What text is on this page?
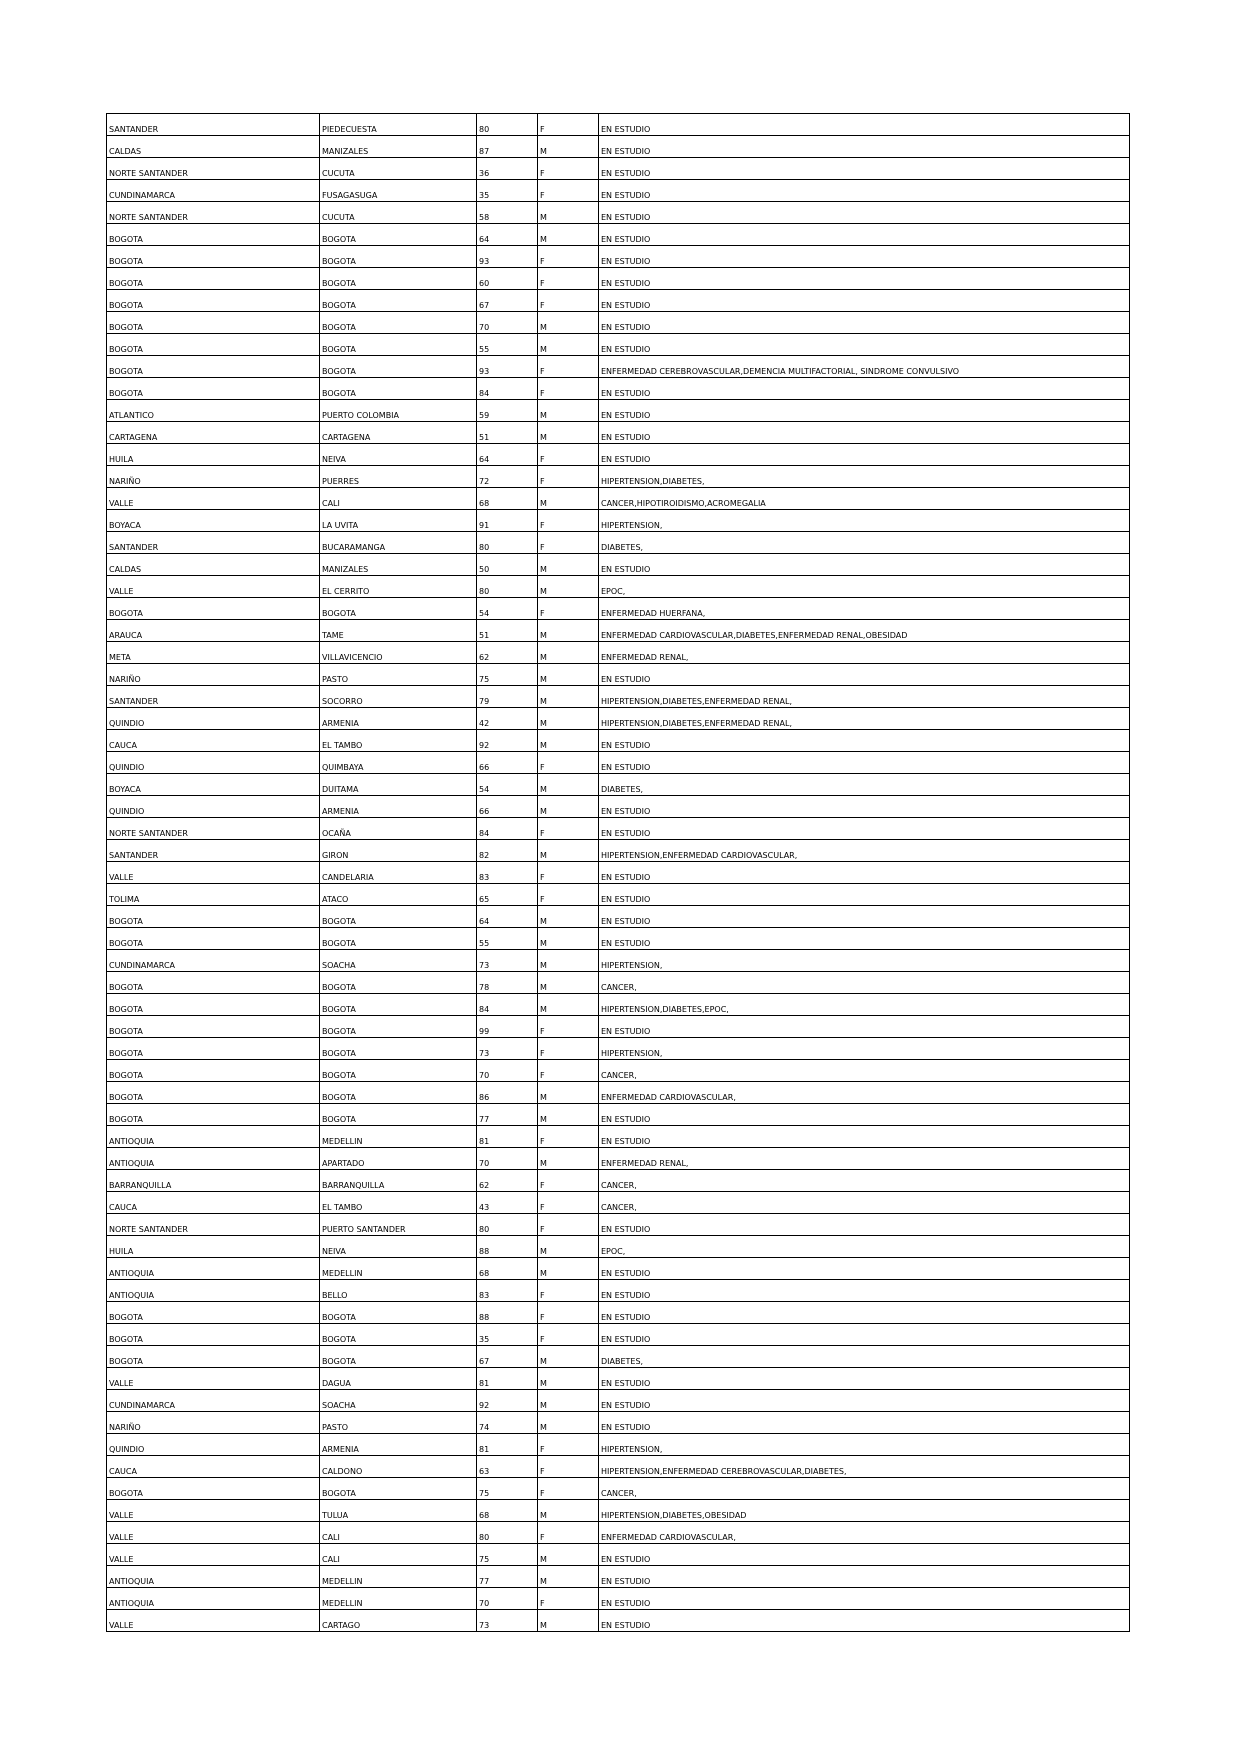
SANTANDER	PIEDECUESTA	80	F	EN ESTUDIO
CALDAS	MANIZALES	87	M	EN ESTUDIO
NORTE SANTANDER	CUCUTA	36	F	EN ESTUDIO
CUNDINAMARCA	FUSAGASUGA	35	F	EN ESTUDIO
NORTE SANTANDER	CUCUTA	58	M	EN ESTUDIO
BOGOTA	BOGOTA	64	M	EN ESTUDIO
BOGOTA	BOGOTA	93	F	EN ESTUDIO
BOGOTA	BOGOTA	60	F	EN ESTUDIO
BOGOTA	BOGOTA	67	F	EN ESTUDIO
BOGOTA	BOGOTA	70	M	EN ESTUDIO
BOGOTA	BOGOTA	55	M	EN ESTUDIO
BOGOTA	BOGOTA	93	F	ENFERMEDAD CEREBROVASCULAR,DEMENCIA MULTIFACTORIAL, SINDROME CONVULSIVO
BOGOTA	BOGOTA	84	F	EN ESTUDIO
ATLANTICO	PUERTO COLOMBIA	59	M	EN ESTUDIO
CARTAGENA	CARTAGENA	51	M	EN ESTUDIO
HUILA	NEIVA	64	F	EN ESTUDIO
NARIÑO	PUERRES	72	F	HIPERTENSION,DIABETES,
VALLE	CALI	68	M	CANCER,HIPOTIROIDISMO,ACROMEGALIA
BOYACA	LA UVITA	91	F	HIPERTENSION,
SANTANDER	BUCARAMANGA	80	F	DIABETES,
CALDAS	MANIZALES	50	M	EN ESTUDIO
VALLE	EL CERRITO	80	M	EPOC,
BOGOTA	BOGOTA	54	F	ENFERMEDAD HUERFANA,
ARAUCA	TAME	51	M	ENFERMEDAD CARDIOVASCULAR,DIABETES,ENFERMEDAD RENAL,OBESIDAD
META	VILLAVICENCIO	62	M	ENFERMEDAD RENAL,
NARIÑO	PASTO	75	M	EN ESTUDIO
SANTANDER	SOCORRO	79	M	HIPERTENSION,DIABETES,ENFERMEDAD RENAL,
QUINDIO	ARMENIA	42	M	HIPERTENSION,DIABETES,ENFERMEDAD RENAL,
CAUCA	EL TAMBO	92	M	EN ESTUDIO
QUINDIO	QUIMBAYA	66	F	EN ESTUDIO
BOYACA	DUITAMA	54	M	DIABETES,
QUINDIO	ARMENIA	66	M	EN ESTUDIO
NORTE SANTANDER	OCAÑA	84	F	EN ESTUDIO
SANTANDER	GIRON	82	M	HIPERTENSION,ENFERMEDAD CARDIOVASCULAR,
VALLE	CANDELARIA	83	F	EN ESTUDIO
TOLIMA	ATACO	65	F	EN ESTUDIO
BOGOTA	BOGOTA	64	M	EN ESTUDIO
BOGOTA	BOGOTA	55	M	EN ESTUDIO
CUNDINAMARCA	SOACHA	73	M	HIPERTENSION,
BOGOTA	BOGOTA	78	M	CANCER,
BOGOTA	BOGOTA	84	M	HIPERTENSION,DIABETES,EPOC,
BOGOTA	BOGOTA	99	F	EN ESTUDIO
BOGOTA	BOGOTA	73	F	HIPERTENSION,
BOGOTA	BOGOTA	70	F	CANCER,
BOGOTA	BOGOTA	86	M	ENFERMEDAD CARDIOVASCULAR,
BOGOTA	BOGOTA	77	M	EN ESTUDIO
ANTIOQUIA	MEDELLIN	81	F	EN ESTUDIO
ANTIOQUIA	APARTADO	70	M	ENFERMEDAD RENAL,
BARRANQUILLA	BARRANQUILLA	62	F	CANCER,
CAUCA	EL TAMBO	43	F	CANCER,
NORTE SANTANDER	PUERTO SANTANDER	80	F	EN ESTUDIO
HUILA	NEIVA	88	M	EPOC,
ANTIOQUIA	MEDELLIN	68	M	EN ESTUDIO
ANTIOQUIA	BELLO	83	F	EN ESTUDIO
BOGOTA	BOGOTA	88	F	EN ESTUDIO
BOGOTA	BOGOTA	35	F	EN ESTUDIO
BOGOTA	BOGOTA	67	M	DIABETES,
VALLE	DAGUA	81	M	EN ESTUDIO
CUNDINAMARCA	SOACHA	92	M	EN ESTUDIO
NARIÑO	PASTO	74	M	EN ESTUDIO
QUINDIO	ARMENIA	81	F	HIPERTENSION,
CAUCA	CALDONO	63	F	HIPERTENSION,ENFERMEDAD CEREBROVASCULAR,DIABETES,
BOGOTA	BOGOTA	75	F	CANCER,
VALLE	TULUA	68	M	HIPERTENSION,DIABETES,OBESIDAD
VALLE	CALI	80	F	ENFERMEDAD CARDIOVASCULAR,
VALLE	CALI	75	M	EN ESTUDIO
ANTIOQUIA	MEDELLIN	77	M	EN ESTUDIO
ANTIOQUIA	MEDELLIN	70	F	EN ESTUDIO
VALLE	CARTAGO	73	M	EN ESTUDIO
